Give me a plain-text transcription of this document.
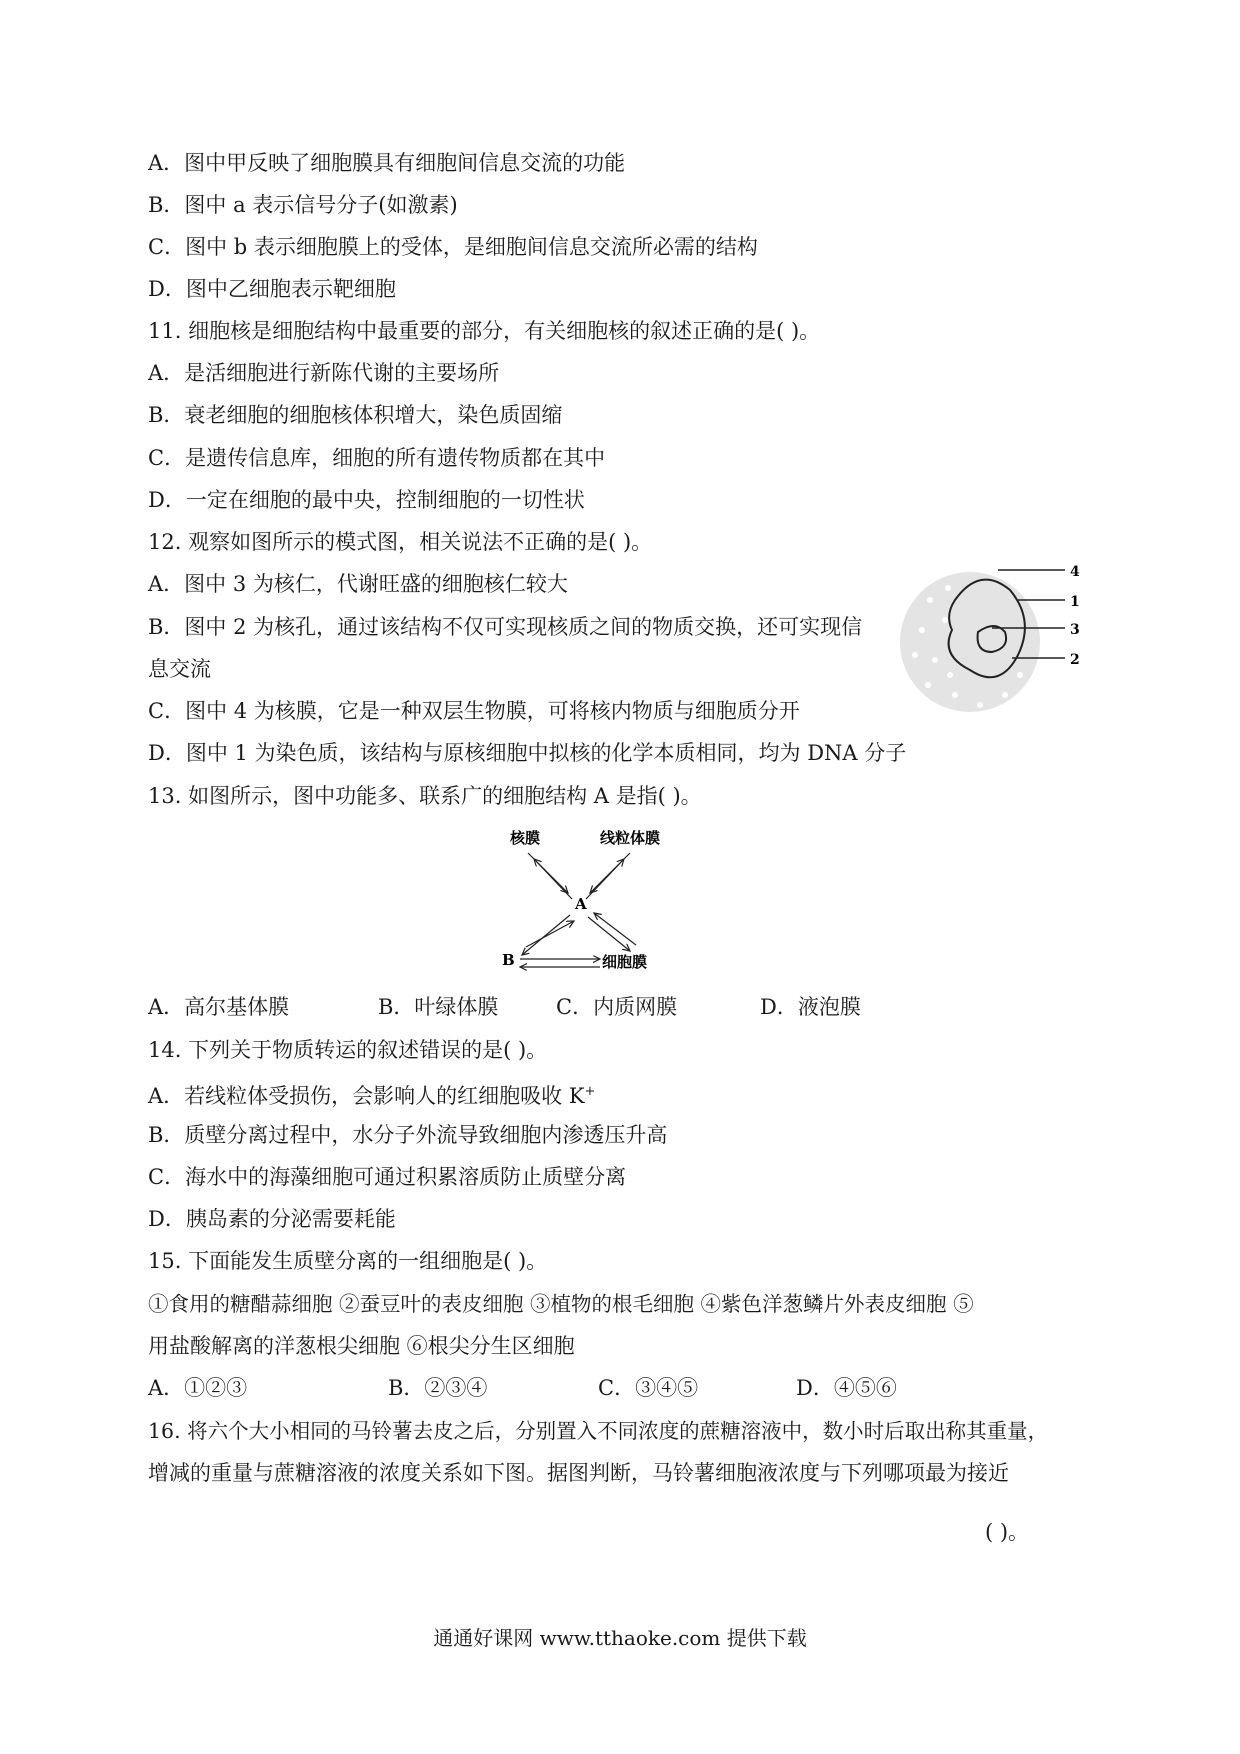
A．图中甲反映了细胞膜具有细胞间信息交流的功能
B．图中 a 表示信号分子(如激素)
C．图中 b 表示细胞膜上的受体，是细胞间信息交流所必需的结构
D．图中乙细胞表示靶细胞
11. 细胞核是细胞结构中最重要的部分，有关细胞核的叙述正确的是( )。
A．是活细胞进行新陈代谢的主要场所
B．衰老细胞的细胞核体积增大，染色质固缩
C．是遗传信息库，细胞的所有遗传物质都在其中
D．一定在细胞的最中央，控制细胞的一切性状
12. 观察如图所示的模式图，相关说法不正确的是( )。
A．图中 3 为核仁，代谢旺盛的细胞核仁较大
B．图中 2 为核孔，通过该结构不仅可实现核质之间的物质交换，还可实现信
息交流
C．图中 4 为核膜，它是一种双层生物膜，可将核内物质与细胞质分开
D．图中 1 为染色质，该结构与原核细胞中拟核的化学本质相同，均为 DNA 分子
4
1
3
2
13. 如图所示，图中功能多、联系广的细胞结构 A 是指( )。
核膜	线粒体膜
A
B	细胞膜
A．高尔基体膜	B．叶绿体膜	C．内质网膜	D．液泡膜
14. 下列关于物质转运的叙述错误的是( )。
A．若线粒体受损伤，会影响人的红细胞吸收 K+
B．质壁分离过程中，水分子外流导致细胞内渗透压升高
C．海水中的海藻细胞可通过积累溶质防止质壁分离
D．胰岛素的分泌需要耗能
15. 下面能发生质壁分离的一组细胞是( )。
①食用的糖醋蒜细胞 ②蚕豆叶的表皮细胞 ③植物的根毛细胞 ④紫色洋葱鳞片外表皮细胞 ⑤
用盐酸解离的洋葱根尖细胞 ⑥根尖分生区细胞
A．①②③	B．②③④	C．③④⑤	D．④⑤⑥
16. 将六个大小相同的马铃薯去皮之后，分别置入不同浓度的蔗糖溶液中，数小时后取出称其重量，
增减的重量与蔗糖溶液的浓度关系如下图。据图判断，马铃薯细胞液浓度与下列哪项最为接近
( )。
通通好课网 www.tthaoke.com 提供下载
